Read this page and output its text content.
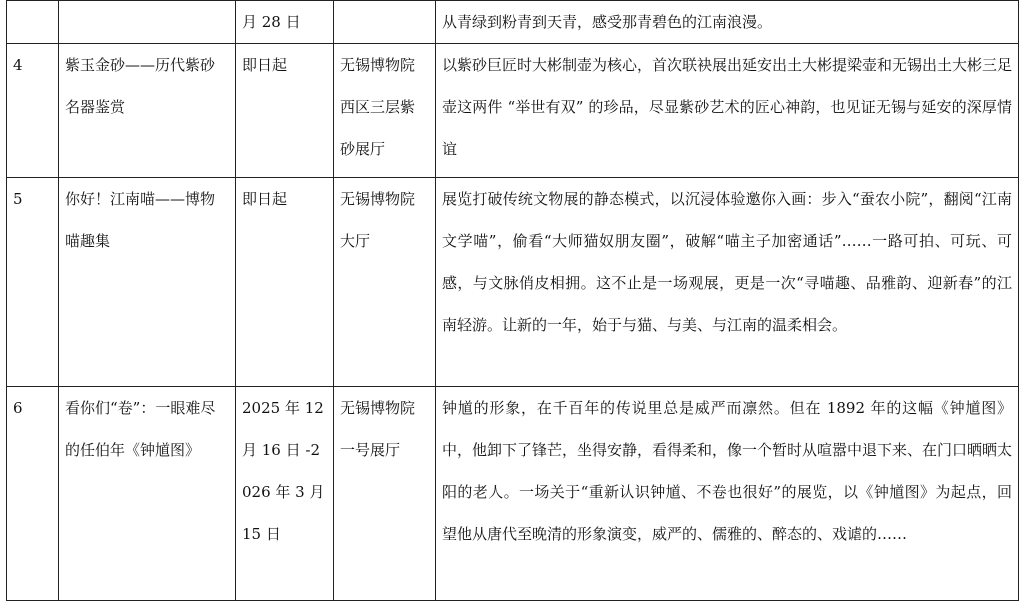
		月 28 日		从青绿到粉青到天青，感受那青碧色的江南浪漫。
4	紫玉金砂——历代紫砂名器鉴赏	即日起	无锡博物院西区三层紫砂展厅	以紫砂巨匠时大彬制壶为核心，首次联袂展出延安出土大彬提梁壶和无锡出土大彬三足壶这两件 “举世有双” 的珍品，尽显紫砂艺术的匠心神韵，也见证无锡与延安的深厚情谊
5	你好！江南喵——博物喵趣集	即日起	无锡博物院大厅	展览打破传统文物展的静态模式，以沉浸体验邀你入画：步入“蚕农小院”，翻阅“江南文学喵”，偷看“大师猫奴朋友圈”，破解“喵主子加密通话”……一路可拍、可玩、可感，与文脉俏皮相拥。这不止是一场观展，更是一次“寻喵趣、品雅韵、迎新春”的江南轻游。让新的一年，始于与猫、与美、与江南的温柔相会。
6	看你们“卷”：一眼难尽的任伯年《钟馗图》	2025 年 12 月 16 日 -2026 年 3 月 15 日	无锡博物院一号展厅	钟馗的形象，在千百年的传说里总是威严而凛然。但在 1892 年的这幅《钟馗图》中，他卸下了锋芒，坐得安静，看得柔和，像一个暂时从喧嚣中退下来、在门口晒晒太阳的老人。一场关于“重新认识钟馗、不卷也很好”的展览，以《钟馗图》为起点，回望他从唐代至晚清的形象演变，威严的、儒雅的、醉态的、戏谑的……
